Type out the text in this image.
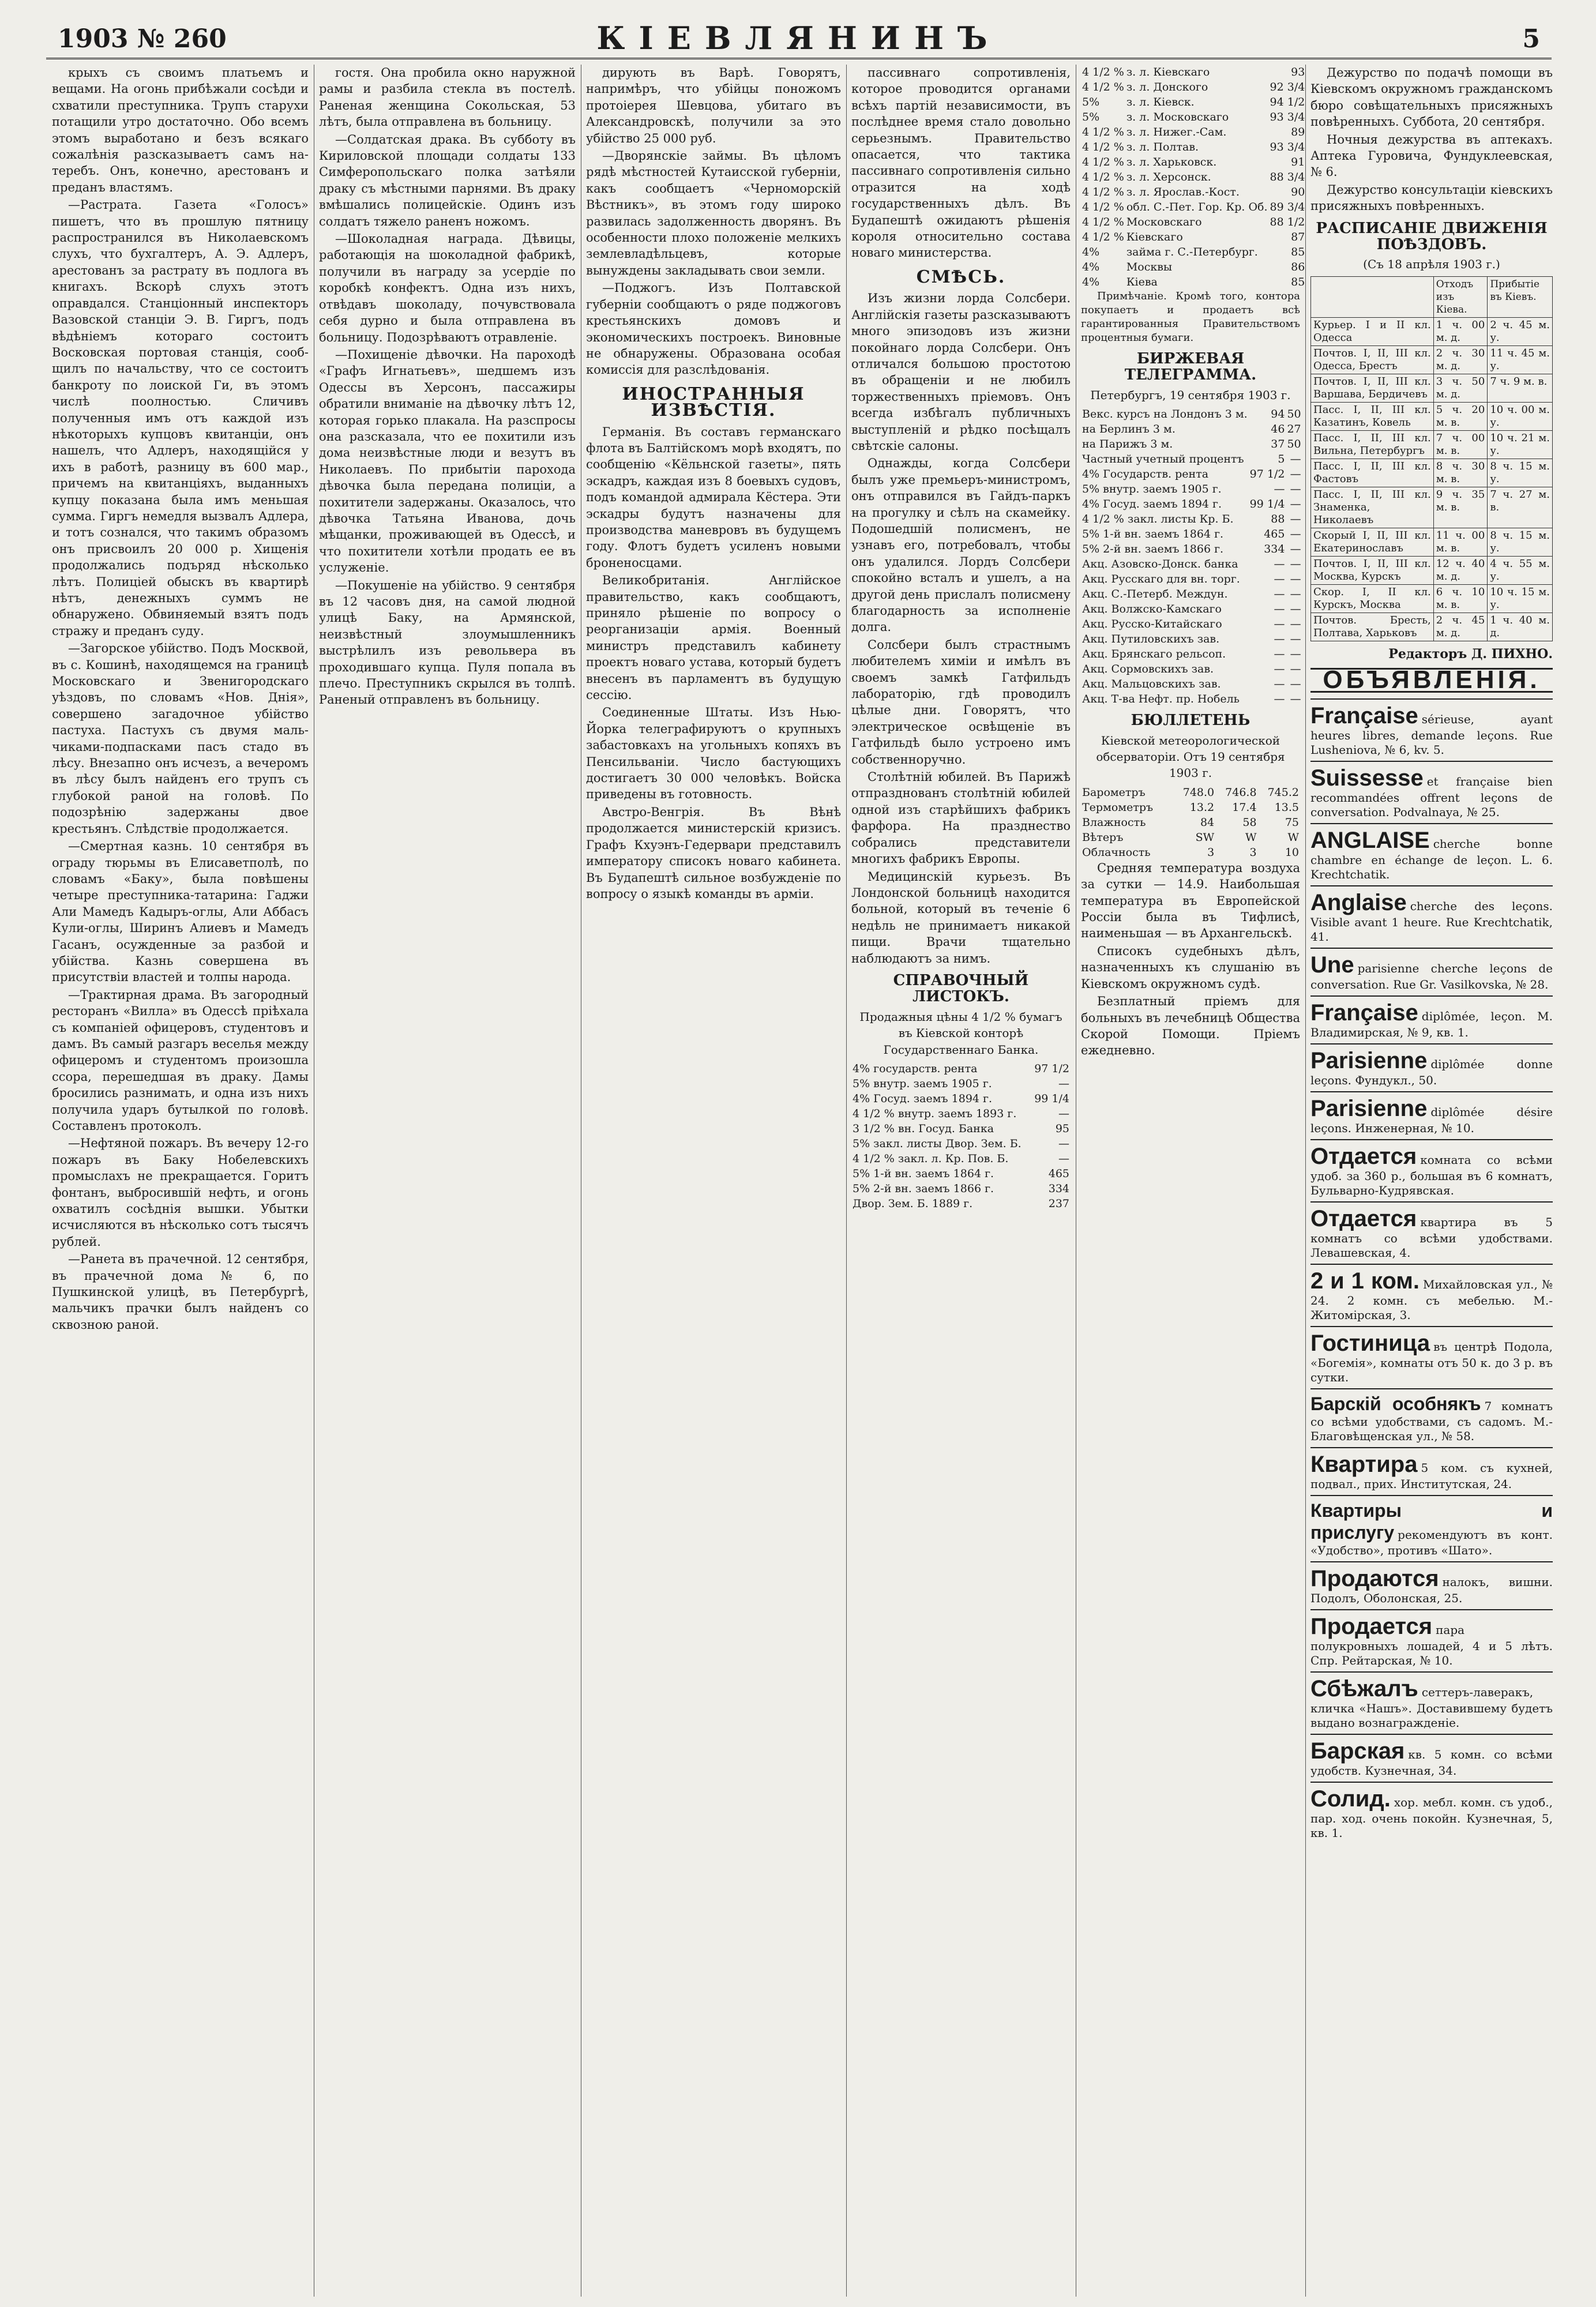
1903 № 260	КІЕВЛЯНИНЪ	5

крыхъ съ своимъ платьемъ и вещами. На огонь прибѣжали сосѣди и схватили преступника. Трупъ старухи потащили утро достаточно. Обо всемъ этомъ выработано и безъ всякаго сожалѣнія разсказываетъ самъ натеребъ. Онъ, конечно, арестованъ и преданъ властямъ.

—Растрата. Газета «Голосъ» пишетъ, что въ прошлую пятницу распространился въ Николаевскомъ слухъ, что бухгалтеръ, А. Э. Адлеръ, арестованъ за растрату въ подлога въ книгахъ. Вскорѣ слухъ этотъ оправдался. Станціонный инспекторъ Вазовской станціи Э. В. Гиргъ, подъ вѣдѣніемъ котораго состоитъ Восковская портовая станція, сообщилъ по начальству, что се состоитъ банкроту по лоиской Ги, въ этомъ числѣ поолностью. Сличивъ полученныя имъ отъ каждой изъ нѣкоторыхъ купцовъ квитанціи, онъ нашелъ, что Адлеръ, находящійся у ихъ в работѣ, разницу въ 600 мар., причемъ на квитанціяхъ, выданныхъ купцу показана была имъ меньшая сумма. Гиргъ немедля вызвалъ Адлера, и тотъ сознался, что такимъ образомъ онъ присвоилъ 20 000 р. Хищенія продолжались подъряд нѣсколько лѣтъ. Полиціей обыскъ въ квартирѣ нѣтъ, денежныхъ суммъ не обнаружено. Обвиняемый взятъ подъ стражу и преданъ суду.

—Загорское убійство. Подъ Москвой, въ с. Кошинѣ, находящемся на границѣ Московскаго и Звенигородскаго уѣздовъ, по словамъ «Нов. Днія», совершено загадочное убійство пастуха. Пастухъ съ двумя мальчиками-подпасками пасъ стадо въ лѣсу. Внезапно онъ исчезъ, а вечеромъ въ лѣсу былъ найденъ его трупъ съ глубокой раной на головѣ. По подозрѣнію задержаны двое крестьянъ. Слѣдствіе продолжается.

—Смертная казнь. 10 сентября въ ограду тюрьмы въ Елисаветполѣ, по словамъ «Баку», была повѣшены четыре преступника-татарина: Гаджи Али Мамедъ Кадыръ-оглы, Али Аббасъ Кули-оглы, Ширинъ Алиевъ и Мамедъ Гасанъ, осужденные за разбой и убійства. Казнь совершена въ присутствіи властей и толпы народа.

—Трактирная драма. Въ загородный ресторанъ «Вилла» въ Одессѣ пріѣхала съ компаніей офицеровъ, студентовъ и дамъ. Въ самый разгаръ веселья между офицеромъ и студентомъ произошла ссора, перешедшая въ драку. Дамы бросились разнимать, и одна изъ нихъ получила ударъ бутылкой по головѣ. Составленъ протоколъ.

—Нефтяной пожаръ. Въ вечеру 12-го пожаръ въ Баку Нобелевскихъ промыслахъ не прекращается. Горитъ фонтанъ, выбросившій нефть, и огонь охватилъ сосѣднія вышки. Убытки исчисляются въ нѣсколько сотъ тысячъ рублей.

—Ранета въ прачечной. 12 сентября, въ прачечной дома № 6, по Пушкинской улицѣ, въ Петербургѣ, мальчикъ прачки былъ найденъ со сквозною раной.

гостя. Она пробила окно наружной рамы и разбила стекла въ постелѣ. Раненая женщина Сокольская, 53 лѣтъ, была отправлена въ больницу.

—Солдатская драка. Въ субботу въ Кириловской площади солдаты 133 Симферопольскаго полка затѣяли драку съ мѣстными парнями. Въ драку вмѣшались полицейскіе. Одинъ изъ солдатъ тяжело раненъ ножомъ.

—Шоколадная награда. Дѣвицы, работающія на шоколадной фабрикѣ, получили въ награду за усердіе по коробкѣ конфектъ. Одна изъ нихъ, отвѣдавъ шоколаду, почувствовала себя дурно и была отправлена въ больницу. Подозрѣваютъ отравленіе.

—Похищеніе дѣвочки. На пароходѣ «Графъ Игнатьевъ», шедшемъ изъ Одессы въ Херсонъ, пассажиры обратили вниманіе на дѣвочку лѣтъ 12, которая горько плакала. На разспросы она разсказала, что ее похитили изъ дома неизвѣстные люди и везутъ въ Николаевъ. По прибытіи парохода дѣвочка была передана полиціи, а похитители задержаны. Оказалось, что дѣвочка Татьяна Иванова, дочь мѣщанки, проживающей въ Одессѣ, и что похитители хотѣли продать ее въ услуженіе.

—Покушеніе на убійство. 9 сентября въ 12 часовъ дня, на самой людной улицѣ Баку, на Армянской, неизвѣстный злоумышленникъ выстрѣлилъ изъ револьвера въ проходившаго купца. Пуля попала въ плечо. Преступникъ скрылся въ толпѣ. Раненый отправленъ въ больницу.

дирують въ Варѣ. Говорятъ, напримѣръ, что убійцы поножомъ протоіерея Шевцова, убитаго въ Александровскѣ, получили за это убійство 25 000 руб.

—Дворянскіе займы. Въ цѣломъ рядѣ мѣстностей Кутаисской губерніи, какъ сообщаетъ «Черноморскій Вѣстникъ», въ этомъ году широко развилась задолженность дворянъ. Въ особенности плохо положеніе мелкихъ землевладѣльцевъ, которые вынуждены закладывать свои земли.

—Поджогъ. Изъ Полтавской губерніи сообщаютъ о ряде поджоговъ крестьянскихъ домовъ и экономическихъ построекъ. Виновные не обнаружены. Образована особая комиссія для разслѣдованія.

ИНОСТРАННЫЯ ИЗВѢСТІЯ.

Германія. Въ составъ германскаго флота въ Балтійскомъ морѣ входятъ, по сообщенію «Кёльнской газеты», пять эскадръ, каждая изъ 8 боевыхъ судовъ, подъ командой адмирала Кёстера. Эти эскадры будутъ назначены для производства маневровъ въ будущемъ году. Флотъ будетъ усиленъ новыми броненосцами.

Великобританія. Англійское правительство, какъ сообщаютъ, приняло рѣшеніе по вопросу о реорганизаціи армія. Военный министръ представилъ кабинету проектъ новаго устава, который будетъ внесенъ въ парламентъ въ будущую сессію.

Соединенные Штаты. Изъ Нью-Йорка телеграфируютъ о крупныхъ забастовкахъ на угольныхъ копяхъ въ Пенсильваніи. Число бастующихъ достигаетъ 30 000 человѣкъ. Войска приведены въ готовность.

Австро-Венгрія. Въ Вѣнѣ продолжается министерскій кризисъ. Графъ Кхуэнъ-Гедервари представилъ императору списокъ новаго кабинета. Въ Будапештѣ сильное возбужденіе по вопросу о языкѣ команды въ арміи.

пассивнаго сопротивленія, которое проводится органами всѣхъ партій независимости, въ послѣднее время стало довольно серьезнымъ. Правительство опасается, что тактика пассивнаго сопротивленія сильно отразится на ходѣ государственныхъ дѣлъ. Въ Будапештѣ ожидаютъ рѣшенія короля относительно состава новаго министерства.

СМѢСЬ.

Изъ жизни лорда Солсбери. Англійскія газеты разсказываютъ много эпизодовъ изъ жизни покойнаго лорда Солсбери. Онъ отличался большою простотою въ обращеніи и не любилъ торжественныхъ пріемовъ. Онъ всегда избѣгалъ публичныхъ выступленій и рѣдко посѣщалъ свѣтскіе салоны.

Однажды, когда Солсбери былъ уже премьеръ-министромъ, онъ отправился въ Гайдъ-паркъ на прогулку и сѣлъ на скамейку. Подошедшій полисменъ, не узнавъ его, потребовалъ, чтобы онъ удалился. Лордъ Солсбери спокойно всталъ и ушелъ, а на другой день прислалъ полисмену благодарность за исполненіе долга.

Солсбери былъ страстнымъ любителемъ химіи и имѣлъ въ своемъ замкѣ Гатфильдъ лабораторію, гдѣ проводилъ цѣлые дни. Говорятъ, что электрическое освѣщеніе въ Гатфильдѣ было устроено имъ собственноручно.

Столѣтній юбилей. Въ Парижѣ отпразднованъ столѣтній юбилей одной изъ старѣйшихъ фабрикъ фарфора. На празднество собрались представители многихъ фабрикъ Европы.

Медицинскій курьезъ. Въ Лондонской больницѣ находится больной, который въ теченіе 6 недѣль не принимаетъ никакой пищи. Врачи тщательно наблюдаютъ за нимъ.

СПРАВОЧНЫЙ ЛИСТОКЪ.
Продажныя цѣны 4 1/2 % бумагъ въ Кіевской конторѣ Государственнаго Банка.
4% государств. рента	97 1/2
5% внутр. заемъ 1905 г.	—
4% Госуд. заемъ 1894 г.	99 1/4
4 1/2 % внутр. заемъ 1893 г.	—
3 1/2 % вн. Госуд. Банка	95
5% закл. листы Двор. Зем. Б.	—
4 1/2 % закл. л. Кр. Пов. Б.	—
5% 1-й вн. заемъ 1864 г.	465
5% 2-й вн. заемъ 1866 г.	334
Двор. Зем. Б. 1889 г.	237
4 1/2 %	з. л. Кіевскаго	93
4 1/2 %	з. л. Донского	92 3/4
5%	з. л. Кіевск.	94 1/2
5%	з. л. Московскаго	93 3/4
4 1/2 %	з. л. Нижег.-Сам.	89
4 1/2 %	з. л. Полтав.	93 3/4
4 1/2 %	з. л. Харьковск.	91
4 1/2 %	з. л. Херсонск.	88 3/4
4 1/2 %	з. л. Ярослав.-Кост.	90
4 1/2 %	обл. С.-Пет. Гор. Кр. Об.	89 3/4
4 1/2 %	Московскаго	88 1/2
4 1/2 %	Кіевскаго	87
4%	займа г. С.-Петербург.	85
4%	Москвы	86
4%	Кіева	85

Примѣчаніе. Кромѣ того, контора покупаетъ и продаетъ всѣ гарантированныя Правительствомъ процентныя бумаги.

БИРЖЕВАЯ ТЕЛЕГРАММА.
Петербургъ, 19 сентября 1903 г.
Векс. курсъ на Лондонъ 3 м.	94	50
на Берлинъ 3 м.	46	27
на Парижъ 3 м.	37	50
Частный учетный процентъ	5	—
4% Государств. рента	97 1/2	—
5% внутр. заемъ 1905 г.	—	—
4% Госуд. заемъ 1894 г.	99 1/4	—
4 1/2 % закл. листы Кр. Б.	88	—
5% 1-й вн. заемъ 1864 г.	465	—
5% 2-й вн. заемъ 1866 г.	334	—
Акц. Азовско-Донск. банка	—	—
Акц. Русскаго для вн. торг.	—	—
Акц. С.-Петерб. Междун.	—	—
Акц. Волжско-Камскаго	—	—
Акц. Русско-Китайскаго	—	—
Акц. Путиловскихъ зав.	—	—
Акц. Брянскаго рельсоп.	—	—
Акц. Сормовскихъ зав.	—	—
Акц. Мальцовскихъ зав.	—	—
Акц. Т-ва Нефт. пр. Нобель	—	—
БЮЛЛЕТЕНЬ
Кіевской метеорологической обсерваторіи. Отъ 19 сентября 1903 г.
Барометръ	748.0	746.8	745.2
Термометръ	13.2	17.4	13.5
Влажность	84	58	75
Вѣтеръ	SW	W	W
Облачность	3	3	10

Средняя температура воздуха за сутки — 14.9. Наибольшая температура въ Европейской Россіи была въ Тифлисѣ, наименьшая — въ Архангельскѣ.

Списокъ судебныхъ дѣлъ, назначенныхъ къ слушанію въ Кіевскомъ окружномъ судѣ.

Безплатный пріемъ для больныхъ въ лечебницѣ Общества Скорой Помощи. Пріемъ ежедневно.

Дежурство по подачѣ помощи въ Кіевскомъ окружномъ гражданскомъ бюро совѣщательныхъ присяжныхъ повѣренныхъ. Суббота, 20 сентября.

Ночныя дежурства въ аптекахъ. Аптека Гуровича, Фундуклеевская, № 6.

Дежурство консультаціи кіевскихъ присяжныхъ повѣренныхъ.

РАСПИСАНІЕ ДВИЖЕНІЯ ПОѢЗДОВЪ.
(Съ 18 апрѣля 1903 г.)
	Отходъ изъ Кіева.	Прибытіе въ Кіевъ.
Курьер. I и II кл. Одесса	1 ч. 00 м. д.	2 ч. 45 м. у.
Почтов. I, II, III кл. Одесса, Брестъ	2 ч. 30 м. д.	11 ч. 45 м. у.
Почтов. I, II, III кл. Варшава, Бердичевъ	3 ч. 50 м. д.	7 ч. 9 м. в.
Пасс. I, II, III кл. Казатинъ, Ковель	5 ч. 20 м. в.	10 ч. 00 м. у.
Пасс. I, II, III кл. Вильна, Петербургъ	7 ч. 00 м. в.	10 ч. 21 м. у.
Пасс. I, II, III кл. Фастовъ	8 ч. 30 м. в.	8 ч. 15 м. у.
Пасс. I, II, III кл. Знаменка, Николаевъ	9 ч. 35 м. в.	7 ч. 27 м. в.
Скорый I, II, III кл. Екатеринославъ	11 ч. 00 м. в.	8 ч. 15 м. у.
Почтов. I, II, III кл. Москва, Курскъ	12 ч. 40 м. д.	4 ч. 55 м. у.
Скор. I, II кл. Курскъ, Москва	6 ч. 10 м. в.	10 ч. 15 м. у.
Почтов. Бресть, Полтава, Харьковъ	2 ч. 45 м. д.	1 ч. 40 м. д.
Редакторъ Д. ПИХНО.
ОБЪЯВЛЕНІЯ.
Française sérieuse, ayant heures libres, demande leçons. Rue Lusheniova, № 6, kv. 5.
Suissesse et française bien recommandées offrent leçons de conversation. Podvalnaya, № 25.
ANGLAISE cherche bonne chambre en échange de leçon. L. 6. Krechtchatik.
Anglaise cherche des leçons. Visible avant 1 heure. Rue Krechtchatik, 41.
Une parisienne cherche leçons de conversation. Rue Gr. Vasilkovska, № 28.
Française diplômée, leçon. М. Владимирская, № 9, кв. 1.
Parisienne diplômée donne leçons. Фундукл., 50.
Parisienne diplômée désire leçons. Инженерная, № 10.
Отдается комната со всѣми удоб. за 360 р., большая въ 6 комнатъ, Бульварно-Кудрявская.
Отдается квартира въ 5 комнатъ со всѣми удобствами. Левашевская, 4.
2 и 1 ком. Михайловская ул., № 24. 2 комн. съ мебелью. М.-Житомірская, 3.
Гостиница въ центрѣ Подола, «Богемія», комнаты отъ 50 к. до 3 р. въ сутки.
Барскій особнякъ 7 комнатъ со всѣми удобствами, съ садомъ. М.-Благовѣщенская ул., № 58.
Квартира 5 ком. съ кухней, подвал., прих. Институтская, 24.
Квартиры и прислугу рекомендуютъ въ конт. «Удобство», противъ «Шато».
Продаются налокъ, вишни. Подолъ, Оболонская, 25.
Продается пара полукровныхъ лошадей, 4 и 5 лѣтъ. Спр. Рейтарская, № 10.
Сбѣжалъ сеттеръ-лаверакъ, кличка «Нашъ». Доставившему будетъ выдано вознагражденіе.
Барская кв. 5 комн. со всѣми удобств. Кузнечная, 34.
Солид. хор. мебл. комн. съ удоб., пар. ход. очень покойн. Кузнечная, 5, кв. 1.
